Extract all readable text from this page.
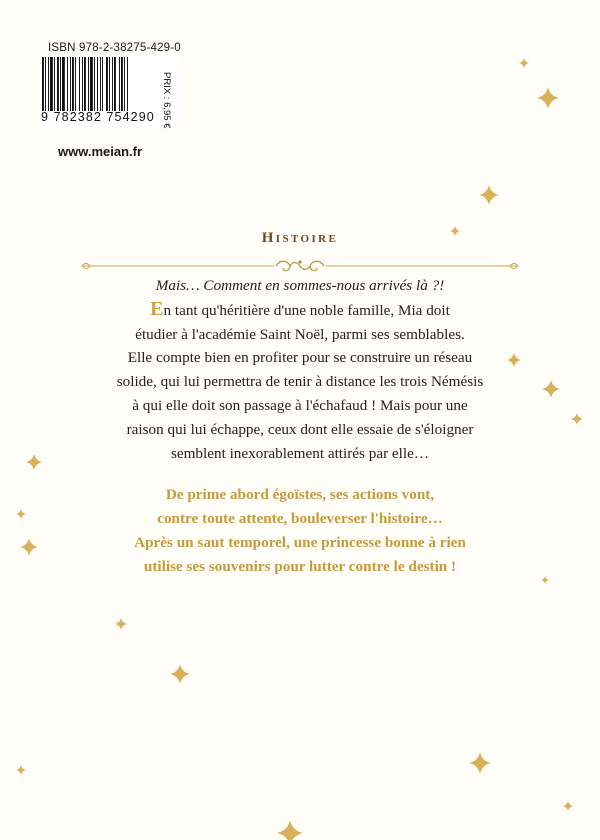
ISBN 978-2-38275-429-0
9 782382 754290 PRIX : 6,95 €
www.meian.fr
Histoire
Mais… Comment en sommes-nous arrivés là ?!
En tant qu'héritière d'une noble famille, Mia doit
étudier à l'académie Saint Noël, parmi ses semblables.
Elle compte bien en profiter pour se construire un réseau
solide, qui lui permettra de tenir à distance les trois Némésis
à qui elle doit son passage à l'échafaud ! Mais pour une
raison qui lui échappe, ceux dont elle essaie de s'éloigner
semblent inexorablement attirés par elle…
De prime abord égoïstes, ses actions vont,
contre toute attente, bouleverser l'histoire…
Après un saut temporel, une princesse bonne à rien
utilise ses souvenirs pour lutter contre le destin !
